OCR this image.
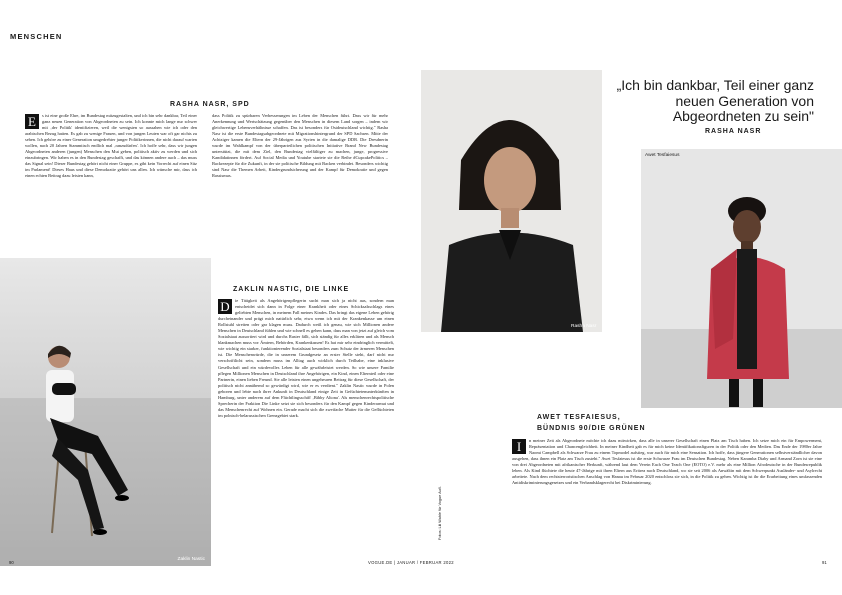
MENSCHEN
RASHA NASR, SPD
E	s ist eine große Ehre, im Bundestag mitzugestalten, und ich bin sehr dankbar, Teil einer ganz neuen Generation von Abgeordneten zu sein. Ich konnte mich lange nur schwer mit ‚der Politik' identifizieren, weil die wenigsten so aussahen wie ich oder den arabischen Bezug hatten. Es gab zu wenige Frauen, und von jungen Leuten war oft gar nichts zu sehen. Ich gehöre zu einer Generation umgedrehter junger Politikerinnen, die nicht darauf warten wollen, nach 20 Jahren Stammtisch endlich mal ‚ranzudürfen'. Ich hoffe sehr, dass wir jungen Abgeordneten anderen (jungen) Menschen den Mut geben, politisch aktiv zu werden und sich einzubringen. Wir haben es in den Bundestag geschafft, und das können andere auch – das muss das Signal sein! Dieser Bundestag gehört nicht einer Gruppe, es gibt kein Vorrecht auf einen Sitz im Parlament! Dieses Haus und diese Demokratie gehört uns allen. Ich wünsche mir, dass ich einen echten Beitrag dazu leisten kann,
dass Politik zu spürbaren Verbesserungen im Leben der Menschen führt. Dass wir für mehr Anerkennung und Wertschätzung gegenüber den Menschen in diesem Land sorgen – indem wir gleichwertige Lebensverhältnisse schaffen. Das ist besonders für Ostdeutschland wichtig." Rasha Nasr ist die erste Bundestagsabgeordnete mit Migrationshintergrund der SPD Sachsen. Mitte der Achtziger kamen die Eltern der 29-Jährigen aus Syrien in die damalige DDR. Die Dresdnerin wurde im Wahlkampf von der überparteilichen politischen Initiative Brand New Bundestag unterstützt, die mit dem Ziel, den Bundestag vielfältiger zu machen, junge, progressive Kandidatinnen fördert. Auf Social Media und Youtube startete sie die Reihe #CupcakePolitics – Backrezepte für die Zukunft, in der sie politische Bildung mit Backen verbindet. Besonders wichtig sind Nasr die Themen Arbeit, Kindergrundsicherung und der Kampf für Demokratie und gegen Rassismus.
Zaklin Nastic
ZAKLIN NASTIC, DIE LINKE
D	ie Tätigkeit als Angehörigenpflegerin sucht man sich ja nicht aus, sondern man entscheidet sich dann in Folge einer Krankheit oder eines Schicksalsschlags eines geliebten Menschen, in meinem Fall meines Kindes. Das bringt das eigene Leben gehörig durcheinander und prägt mich natürlich sehr, etwa wenn ich mit der Krankenkasse um einen Rollstuhl streiten oder gar klagen muss. Dadurch weiß ich genau, wie sich Millionen andere Menschen in Deutschland fühlen und wie schnell es gehen kann, dass man von jetzt auf gleich vom Sozialstaat aussortiert wird und durchs Raster fällt, sich ständig für alles erklären und als Mensch blankmachen muss vor Ämtern, Behörden, Krankenkassen! Es hat mir sehr eindringlich vermittelt, wie wichtig ein starker, funktionierender Sozialstaat besonders zum Schutz der ärmeren Menschen ist. Die Menschenwürde, die in unserem Grundgesetz an erster Stelle steht, darf nicht nur verschriftlicht sein, sondern muss im Alltag auch wirklich durch Teilhabe, eine inklusive Gesellschaft und ein würdevolles Leben für alle gewährleistet werden. So wie unsere Familie pflegen Millionen Menschen in Deutschland ihre Angehörigen, ein Kind, einen Elternteil oder eine Partnerin, einen lieben Freund. Sie alle leisten einen ungeheuren Beitrag für diese Gesellschaft, der politisch nicht annähernd so gewürdigt wird, wie er es verdient." Zaklin Nastic wurde in Polen geboren und lebte nach ihrer Ankunft in Deutschland einige Zeit in Gefüchtetenunterkünften in Hamburg, unter anderem auf dem Flüchtlingsschiff ‚Bibby Altona'. Als menschenrechtspolitische Sprecherin der Fraktion Die Linke setzt sie sich besonders für den Kampf gegen Kinderarmut und das Menschenrecht auf Wohnen ein. Gerade macht sich die zweifache Mutter für die Geflüchteten im polnisch-belarussischen Grenzgebiet stark.
Rasha Nasr
Fotos: Lili Wahle für Vogue Aufl.
„Ich bin dankbar, Teil einer ganz neuen Generation von Abgeordneten zu sein"
RASHA NASR
Awet Tesfaiesus
AWET TESFAIESUS,
BÜNDNIS 90/DIE GRÜNEN
I	n meiner Zeit als Abgeordnete möchte ich dazu mitwirken, dass alle in unserer Gesellschaft einen Platz am Tisch haben. Ich setze mich ein für Empowerment, Repräsentation und Chancengleichheit. In meiner Kindheit gab es für mich keine Identifikationsfiguren in der Politik oder den Medien. Das Ende der 1980er Jahre Naomi Campbell als Schwarze Frau zu einem Topmodel aufstieg, war auch für mich eine Sensation. Ich hoffe, dass jüngere Generationen selbstverständlicher davon ausgehen, dass ihnen ein Platz am Tisch zusteht." Awet Tesfaiesus ist die erste Schwarze Frau im Deutschen Bundestag. Neben Karamba Diaby und Armand Zorn ist sie eine von drei Abgeordneten mit afrikanischer Herkunft, während laut dem Verein Each One Teach One (EOTO) e.V. mehr als eine Million Afrodeutsche in der Bundesrepublik leben. Als Kind flüchtete die heute 47-Jährige mit ihren Eltern aus Eritrea nach Deutschland, wo sie seit 2006 als Anwältin mit dem Schwerpunkt Ausländer- und Asylrecht arbeitete. Nach dem rechtsterroristischen Anschlag von Hanau im Februar 2020 entschloss sie sich, in die Politik zu gehen. Wichtig ist ihr die Erarbeitung eines umfassenden Antidiskriminierungsgesetzes und ein Verbandsklagerecht bei Diskriminierung.
90	VOGUE.DE | JANUAR / FEBRUAR 2022	91
